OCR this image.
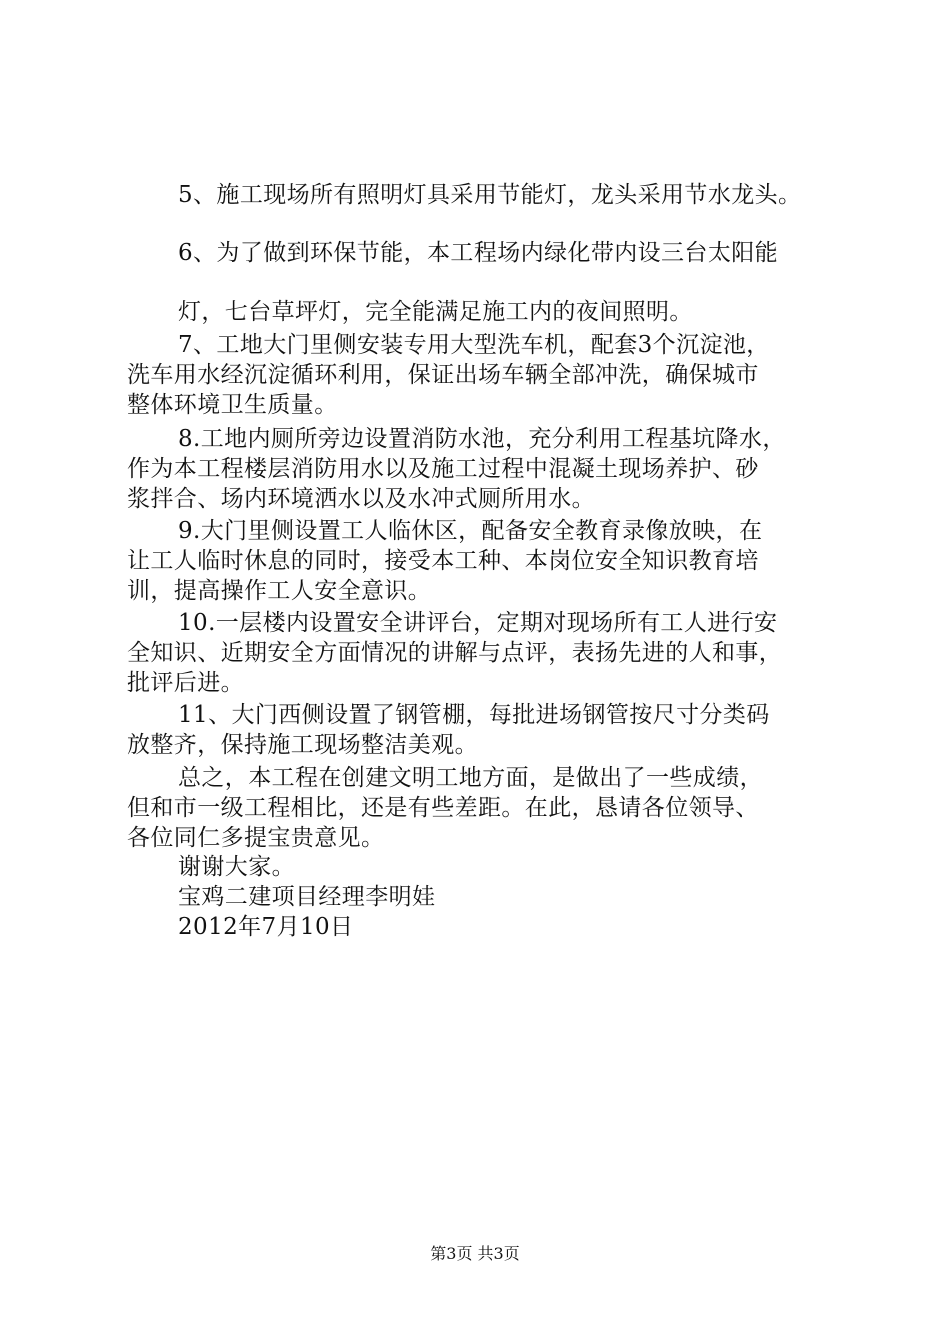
5、施工现场所有照明灯具采用节能灯，龙头采用节水龙头。
6、为了做到环保节能，本工程场内绿化带内设三台太阳能
灯，七台草坪灯，完全能满足施工内的夜间照明。
7、工地大门里侧安装专用大型洗车机，配套3个沉淀池，
洗车用水经沉淀循环利用，保证出场车辆全部冲洗，确保城市
整体环境卫生质量。
8.工地内厕所旁边设置消防水池，充分利用工程基坑降水，
作为本工程楼层消防用水以及施工过程中混凝土现场养护、砂
浆拌合、场内环境洒水以及水冲式厕所用水。
9.大门里侧设置工人临休区，配备安全教育录像放映，在
让工人临时休息的同时，接受本工种、本岗位安全知识教育培
训，提高操作工人安全意识。
10.一层楼内设置安全讲评台，定期对现场所有工人进行安
全知识、近期安全方面情况的讲解与点评，表扬先进的人和事，
批评后进。
11、大门西侧设置了钢管棚，每批进场钢管按尺寸分类码
放整齐，保持施工现场整洁美观。
总之，本工程在创建文明工地方面，是做出了一些成绩，
但和市一级工程相比，还是有些差距。在此，恳请各位领导、
各位同仁多提宝贵意见。
谢谢大家。
宝鸡二建项目经理李明娃
2012年7月10日
第3页 共3页
